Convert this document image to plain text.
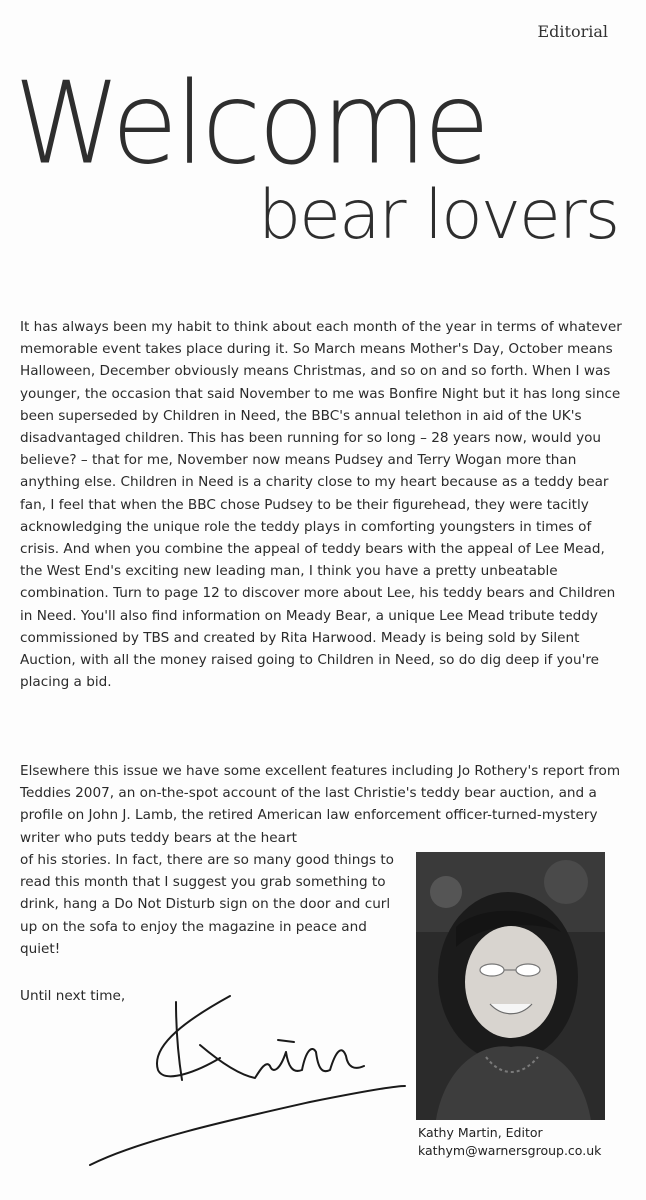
Editorial
Welcome
bear lovers

It has always been my habit to think about each month of the year in terms of whatever memorable event takes place during it. So March means Mother's Day, October means Halloween, December obviously means Christmas, and so on and so forth. When I was younger, the occasion that said November to me was Bonfire Night but it has long since been superseded by Children in Need, the BBC's annual telethon in aid of the UK's disadvantaged children. This has been running for so long – 28 years now, would you believe? – that for me, November now means Pudsey and Terry Wogan more than anything else. Children in Need is a charity close to my heart because as a teddy bear fan, I feel that when the BBC chose Pudsey to be their figurehead, they were tacitly acknowledging the unique role the teddy plays in comforting youngsters in times of crisis. And when you combine the appeal of teddy bears with the appeal of Lee Mead, the West End's exciting new leading man, I think you have a pretty unbeatable combination. Turn to page 12 to discover more about Lee, his teddy bears and Children in Need. You'll also find information on Meady Bear, a unique Lee Mead tribute teddy commissioned by TBS and created by Rita Harwood. Meady is being sold by Silent Auction, with all the money raised going to Children in Need, so do dig deep if you're placing a bid.

Elsewhere this issue we have some excellent features including Jo Rothery's report from Teddies 2007, an on-the-spot account of the last Christie's teddy bear auction, and a profile on John J. Lamb, the retired American law enforcement officer-turned-mystery writer who puts teddy bears at the heart

of his stories. In fact, there are so many good things to read this month that I suggest you grab something to drink, hang a Do Not Disturb sign on the door and curl up on the sofa to enjoy the magazine in peace and quiet!

Until next time,

Kathy Martin, Editor
kathym@warnersgroup.co.uk
